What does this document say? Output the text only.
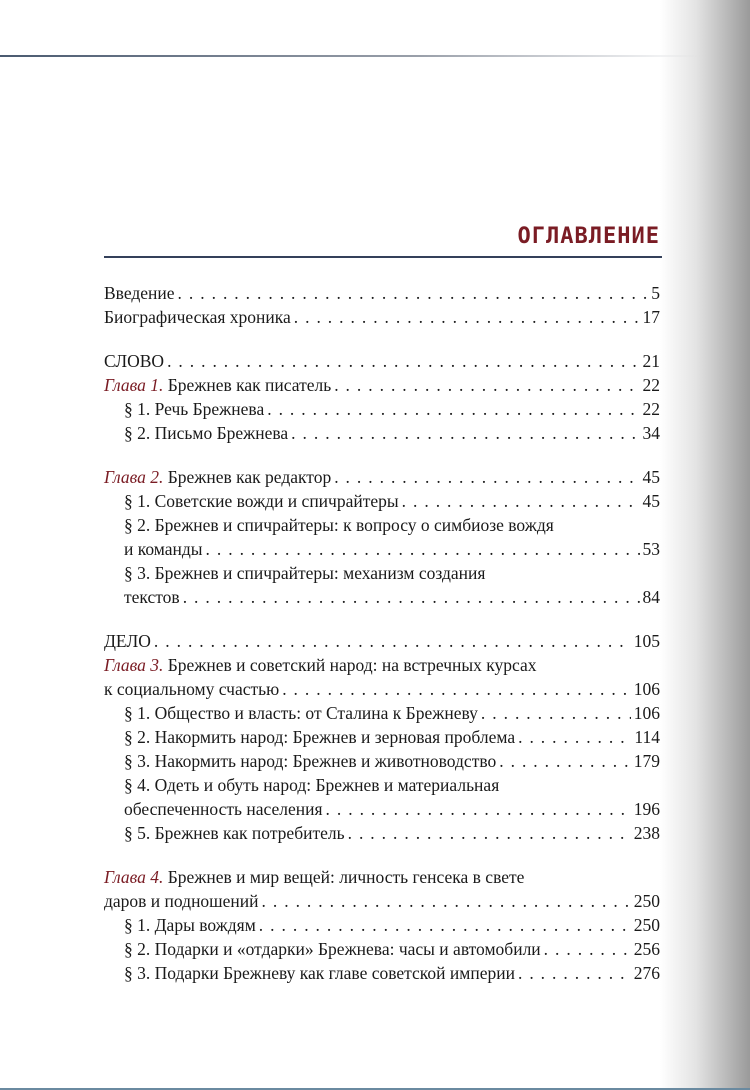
ОГЛАВЛЕНИЕ
Введение . . .	5
Биографическая хроника . . .	17
СЛОВО . . .	21
Глава 1.
Брежнев как писатель . . .	22
§ 1. Речь Брежнева . . .	22
§ 2. Письмо Брежнева . . .	34
Глава 2.
Брежнев как редактор . . .	45
§ 1. Советские вожди и спичрайтеры . . .	45
§ 2. Брежнев и спичрайтеры: к вопросу о симбиозе вождя
и команды . . .	53
§ 3. Брежнев и спичрайтеры: механизм создания
текстов . . .	84
ДЕЛО . . .	105
Глава 3.
Брежнев и советский народ: на встречных курсах
к социальному счастью . . .	106
§ 1. Общество и власть: от Сталина к Брежневу . . .	106
§ 2. Накормить народ: Брежнев и зерновая проблема . . .	114
§ 3. Накормить народ: Брежнев и животноводство . . .	179
§ 4. Одеть и обуть народ: Брежнев и материальная
обеспеченность населения . . .	196
§ 5. Брежнев как потребитель . . .	238
Глава 4.
Брежнев и мир вещей: личность генсека в свете
даров и подношений . . .	250
§ 1. Дары вождям . . .	250
§ 2. Подарки и «отдарки» Брежнева: часы и автомобили . . .	256
§ 3. Подарки Брежневу как главе советской империи . . .	276
